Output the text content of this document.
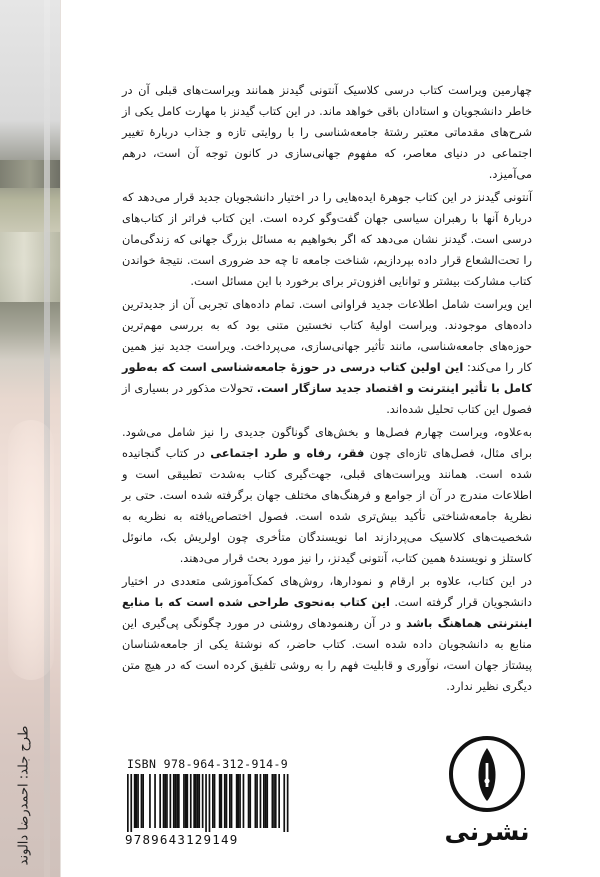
طرح جلد: احمدرضا دالوند

چهارمین ویراست کتاب درسی کلاسیک آنتونی گیدنز همانند ویراست‌های قبلی آن در خاطر دانشجویان و استادان باقی خواهد ماند. در این کتاب گیدنز با مهارت کامل یکی از شرح‌های مقدماتی معتبر رشتهٔ جامعه‌شناسی را با روایتی تازه و جذاب دربارهٔ تغییر اجتماعی در دنیای معاصر، که مفهوم جهانی‌سازی در کانون توجه آن است، درهم می‌آمیزد.

آنتونی گیدنز در این کتاب جوهرهٔ ایده‌هایی را در اختیار دانشجویان جدید قرار می‌دهد که دربارهٔ آنها با رهبران سیاسی جهان گفت‌وگو کرده است. این کتاب فراتر از کتاب‌های درسی است. گیدنز نشان می‌دهد که اگر بخواهیم به مسائل بزرگ جهانی که زندگی‌مان را تحت‌الشعاع قرار داده بپردازیم، شناخت جامعه تا چه حد ضروری است. نتیجهٔ خواندن کتاب مشارکت بیشتر و توانایی افزون‌تر برای برخورد با این مسائل است.

این ویراست شامل اطلاعات جدید فراوانی است. تمام داده‌های تجربی آن از جدیدترین داده‌های موجودند. ویراست اولیهٔ کتاب نخستین متنی بود که به بررسی مهم‌ترین حوزه‌های جامعه‌شناسی، مانند تأثیر جهانی‌سازی، می‌پرداخت. ویراست جدید نیز همین کار را می‌کند: این اولین کتاب درسی در حوزهٔ جامعه‌شناسی است که به‌طور کامل با تأثیر اینترنت و اقتصاد جدید سازگار است. تحولات مذکور در بسیاری از فصول این کتاب تحلیل شده‌اند.

به‌علاوه، ویراست چهارم فصل‌ها و بخش‌های گوناگون جدیدی را نیز شامل می‌شود. برای مثال، فصل‌های تازه‌ای چون فقر، رفاه و طرد اجتماعی در کتاب گنجانیده شده است. همانند ویراست‌های قبلی، جهت‌گیری کتاب به‌شدت تطبیقی است و اطلاعات مندرج در آن از جوامع و فرهنگ‌های مختلف جهان برگرفته شده است. حتی بر نظریهٔ جامعه‌شناختی تأکید بیش‌تری شده است. فصول اختصاص‌یافته به نظریه به شخصیت‌های کلاسیک می‌پردازند اما نویسندگان متأخری چون اولریش بک، مانوئل کاستلز و نویسندهٔ همین کتاب، آنتونی گیدنز، را نیز مورد بحث قرار می‌دهند.

در این کتاب، علاوه بر ارقام و نمودارها، روش‌های کمک‌آموزشی متعددی در اختیار دانشجویان قرار گرفته است. این کتاب به‌نحوی طراحی شده است که با منابع اینترنتی هماهنگ باشد و در آن رهنمودهای روشنی در مورد چگونگی پی‌گیری این منابع به دانشجویان داده شده است. کتاب حاضر، که نوشتهٔ یکی از جامعه‌شناسان پیشتاز جهان است، نوآوری و قابلیت فهم را به روشی تلفیق کرده است که در هیچ متن دیگری نظیر ندارد.

ISBN 978-964-312-914-9
9789643129149	نشرنی
